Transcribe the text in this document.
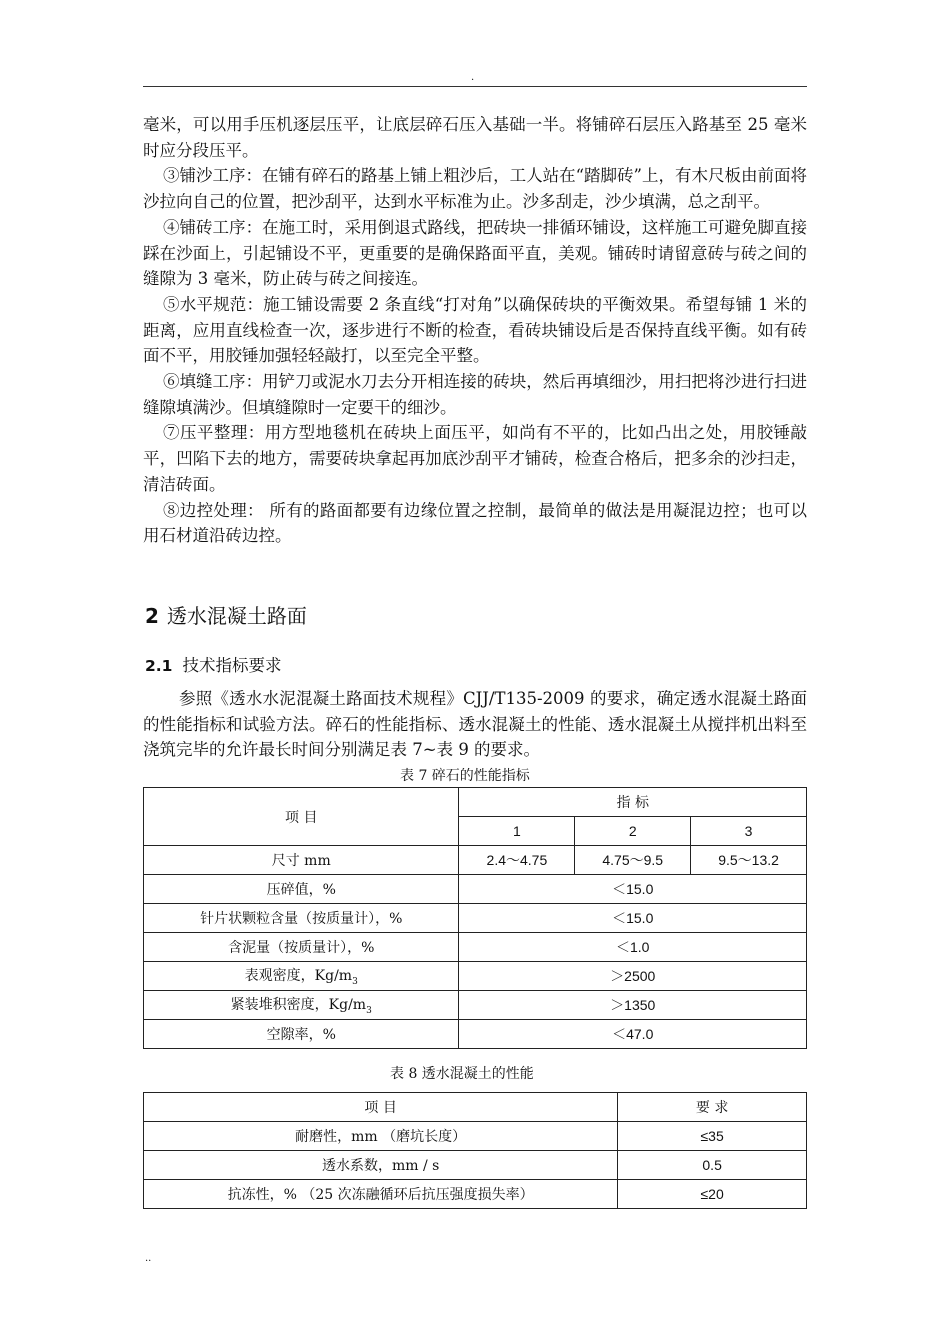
.

毫米，可以用手压机逐层压平，让底层碎石压入基础一半。将铺碎石层压入路基至 25 毫米时应分段压平。

③铺沙工序：在铺有碎石的路基上铺上粗沙后，工人站在“踏脚砖”上，有木尺板由前面将沙拉向自己的位置，把沙刮平，达到水平标准为止。沙多刮走，沙少填满，总之刮平。

④铺砖工序：在施工时，采用倒退式路线，把砖块一排循环铺设，这样施工可避免脚直接踩在沙面上，引起铺设不平，更重要的是确保路面平直，美观。铺砖时请留意砖与砖之间的缝隙为 3 毫米，防止砖与砖之间接连。

⑤水平规范：施工铺设需要 2 条直线“打对角”以确保砖块的平衡效果。希望每铺 1 米的距离，应用直线检查一次，逐步进行不断的检查，看砖块铺设后是否保持直线平衡。如有砖面不平，用胶锤加强轻轻敲打，以至完全平整。

⑥填缝工序：用铲刀或泥水刀去分开相连接的砖块，然后再填细沙，用扫把将沙进行扫进缝隙填满沙。但填缝隙时一定要干的细沙。

⑦压平整理：用方型地毯机在砖块上面压平，如尚有不平的，比如凸出之处，用胶锤敲平，凹陷下去的地方，需要砖块拿起再加底沙刮平才铺砖，检查合格后，把多余的沙扫走，清洁砖面。

⑧边控处理： 所有的路面都要有边缘位置之控制，最简单的做法是用凝混边控；也可以用石材道沿砖边控。

2 透水混凝土路面
2.1 技术指标要求

参照《透水水泥混凝土路面技术规程》CJJ/T135-2009 的要求，确定透水混凝土路面的性能指标和试验方法。碎石的性能指标、透水混凝土的性能、透水混凝土从搅拌机出料至浇筑完毕的允许最长时间分别满足表 7~表 9 的要求。

表 7 碎石的性能指标
项 目	指 标		
	1	2	3
尺寸 mm	2.4～4.75	4.75～9.5	9.5～13.2
压碎值，%	＜15.0		
针片状颗粒含量（按质量计），%	＜15.0		
含泥量（按质量计），%	＜1.0		
表观密度，$Kg/m_3$	＞2500		
紧装堆积密度，$Kg/m_3$	＞1350		
空隙率，%	＜47.0		
表 8 透水混凝土的性能
项 目	要 求
耐磨性，mm （磨坑长度）	≤35
透水系数，mm / s	0.5
抗冻性，% （25 次冻融循环后抗压强度损失率）	≤20
..
